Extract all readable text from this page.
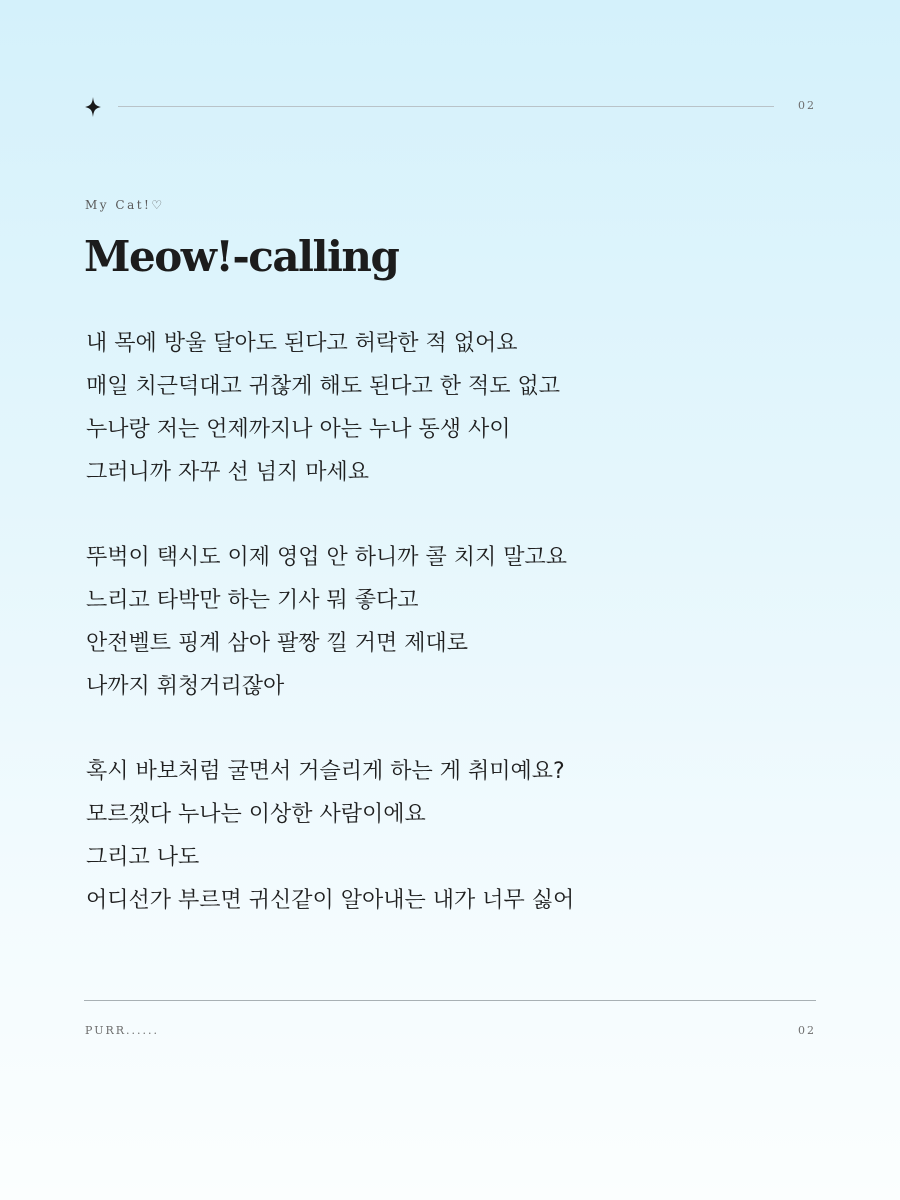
02
My Cat!♡
Meow!-calling
내 목에 방울 달아도 된다고 허락한 적 없어요
매일 치근덕대고 귀찮게 해도 된다고 한 적도 없고
누나랑 저는 언제까지나 아는 누나 동생 사이
그러니까 자꾸 선 넘지 마세요
뚜벅이 택시도 이제 영업 안 하니까 콜 치지 말고요
느리고 타박만 하는 기사 뭐 좋다고
안전벨트 핑계 삼아 팔짱 낄 거면 제대로
나까지 휘청거리잖아
혹시 바보처럼 굴면서 거슬리게 하는 게 취미예요?
모르겠다 누나는 이상한 사람이에요
그리고 나도
어디선가 부르면 귀신같이 알아내는 내가 너무 싫어
PURR......	02
